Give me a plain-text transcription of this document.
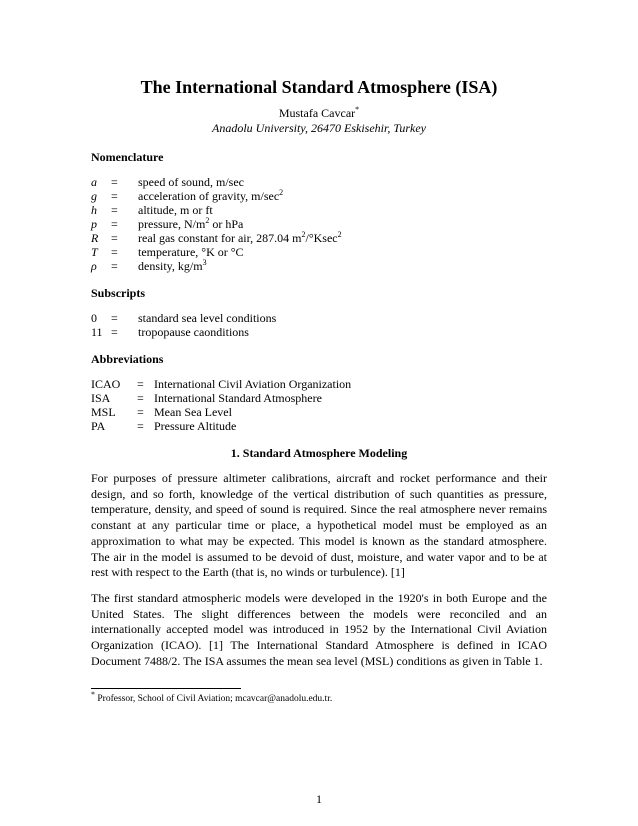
The International Standard Atmosphere (ISA)
Mustafa Cavcar*
Anadolu University, 26470 Eskisehir, Turkey
Nomenclature
a	=	speed of sound, m/sec
g	=	acceleration of gravity, $m/\sec^2$
h	=	altitude, m or ft
p	=	pressure, $N/m^2$ or hPa
R	=	real gas constant for air, 287.04 $m^2/^\circ Ksec^2$
T	=	temperature, °K or °C
ρ	=	density, $kg/m^3$
Subscripts
0	=	standard sea level conditions
11	=	tropopause caonditions
Abbreviations
ICAO	=	International Civil Aviation Organization
ISA	=	International Standard Atmosphere
MSL	=	Mean Sea Level
PA	=	Pressure Altitude
1. Standard Atmosphere Modeling

For purposes of pressure altimeter calibrations, aircraft and rocket performance and their design, and so forth, knowledge of the vertical distribution of such quantities as pressure, temperature, density, and speed of sound is required. Since the real atmosphere never remains constant at any particular time or place, a hypothetical model must be employed as an approximation to what may be expected. This model is known as the standard atmosphere. The air in the model is assumed to be devoid of dust, moisture, and water vapor and to be at rest with respect to the Earth (that is, no winds or turbulence). [1]

The first standard atmospheric models were developed in the 1920's in both Europe and the United States. The slight differences between the models were reconciled and an internationally accepted model was introduced in 1952 by the International Civil Aviation Organization (ICAO). [1] The International Standard Atmosphere is defined in ICAO Document 7488/2. The ISA assumes the mean sea level (MSL) conditions as given in Table 1.

* Professor, School of Civil Aviation; mcavcar@anadolu.edu.tr.
1
